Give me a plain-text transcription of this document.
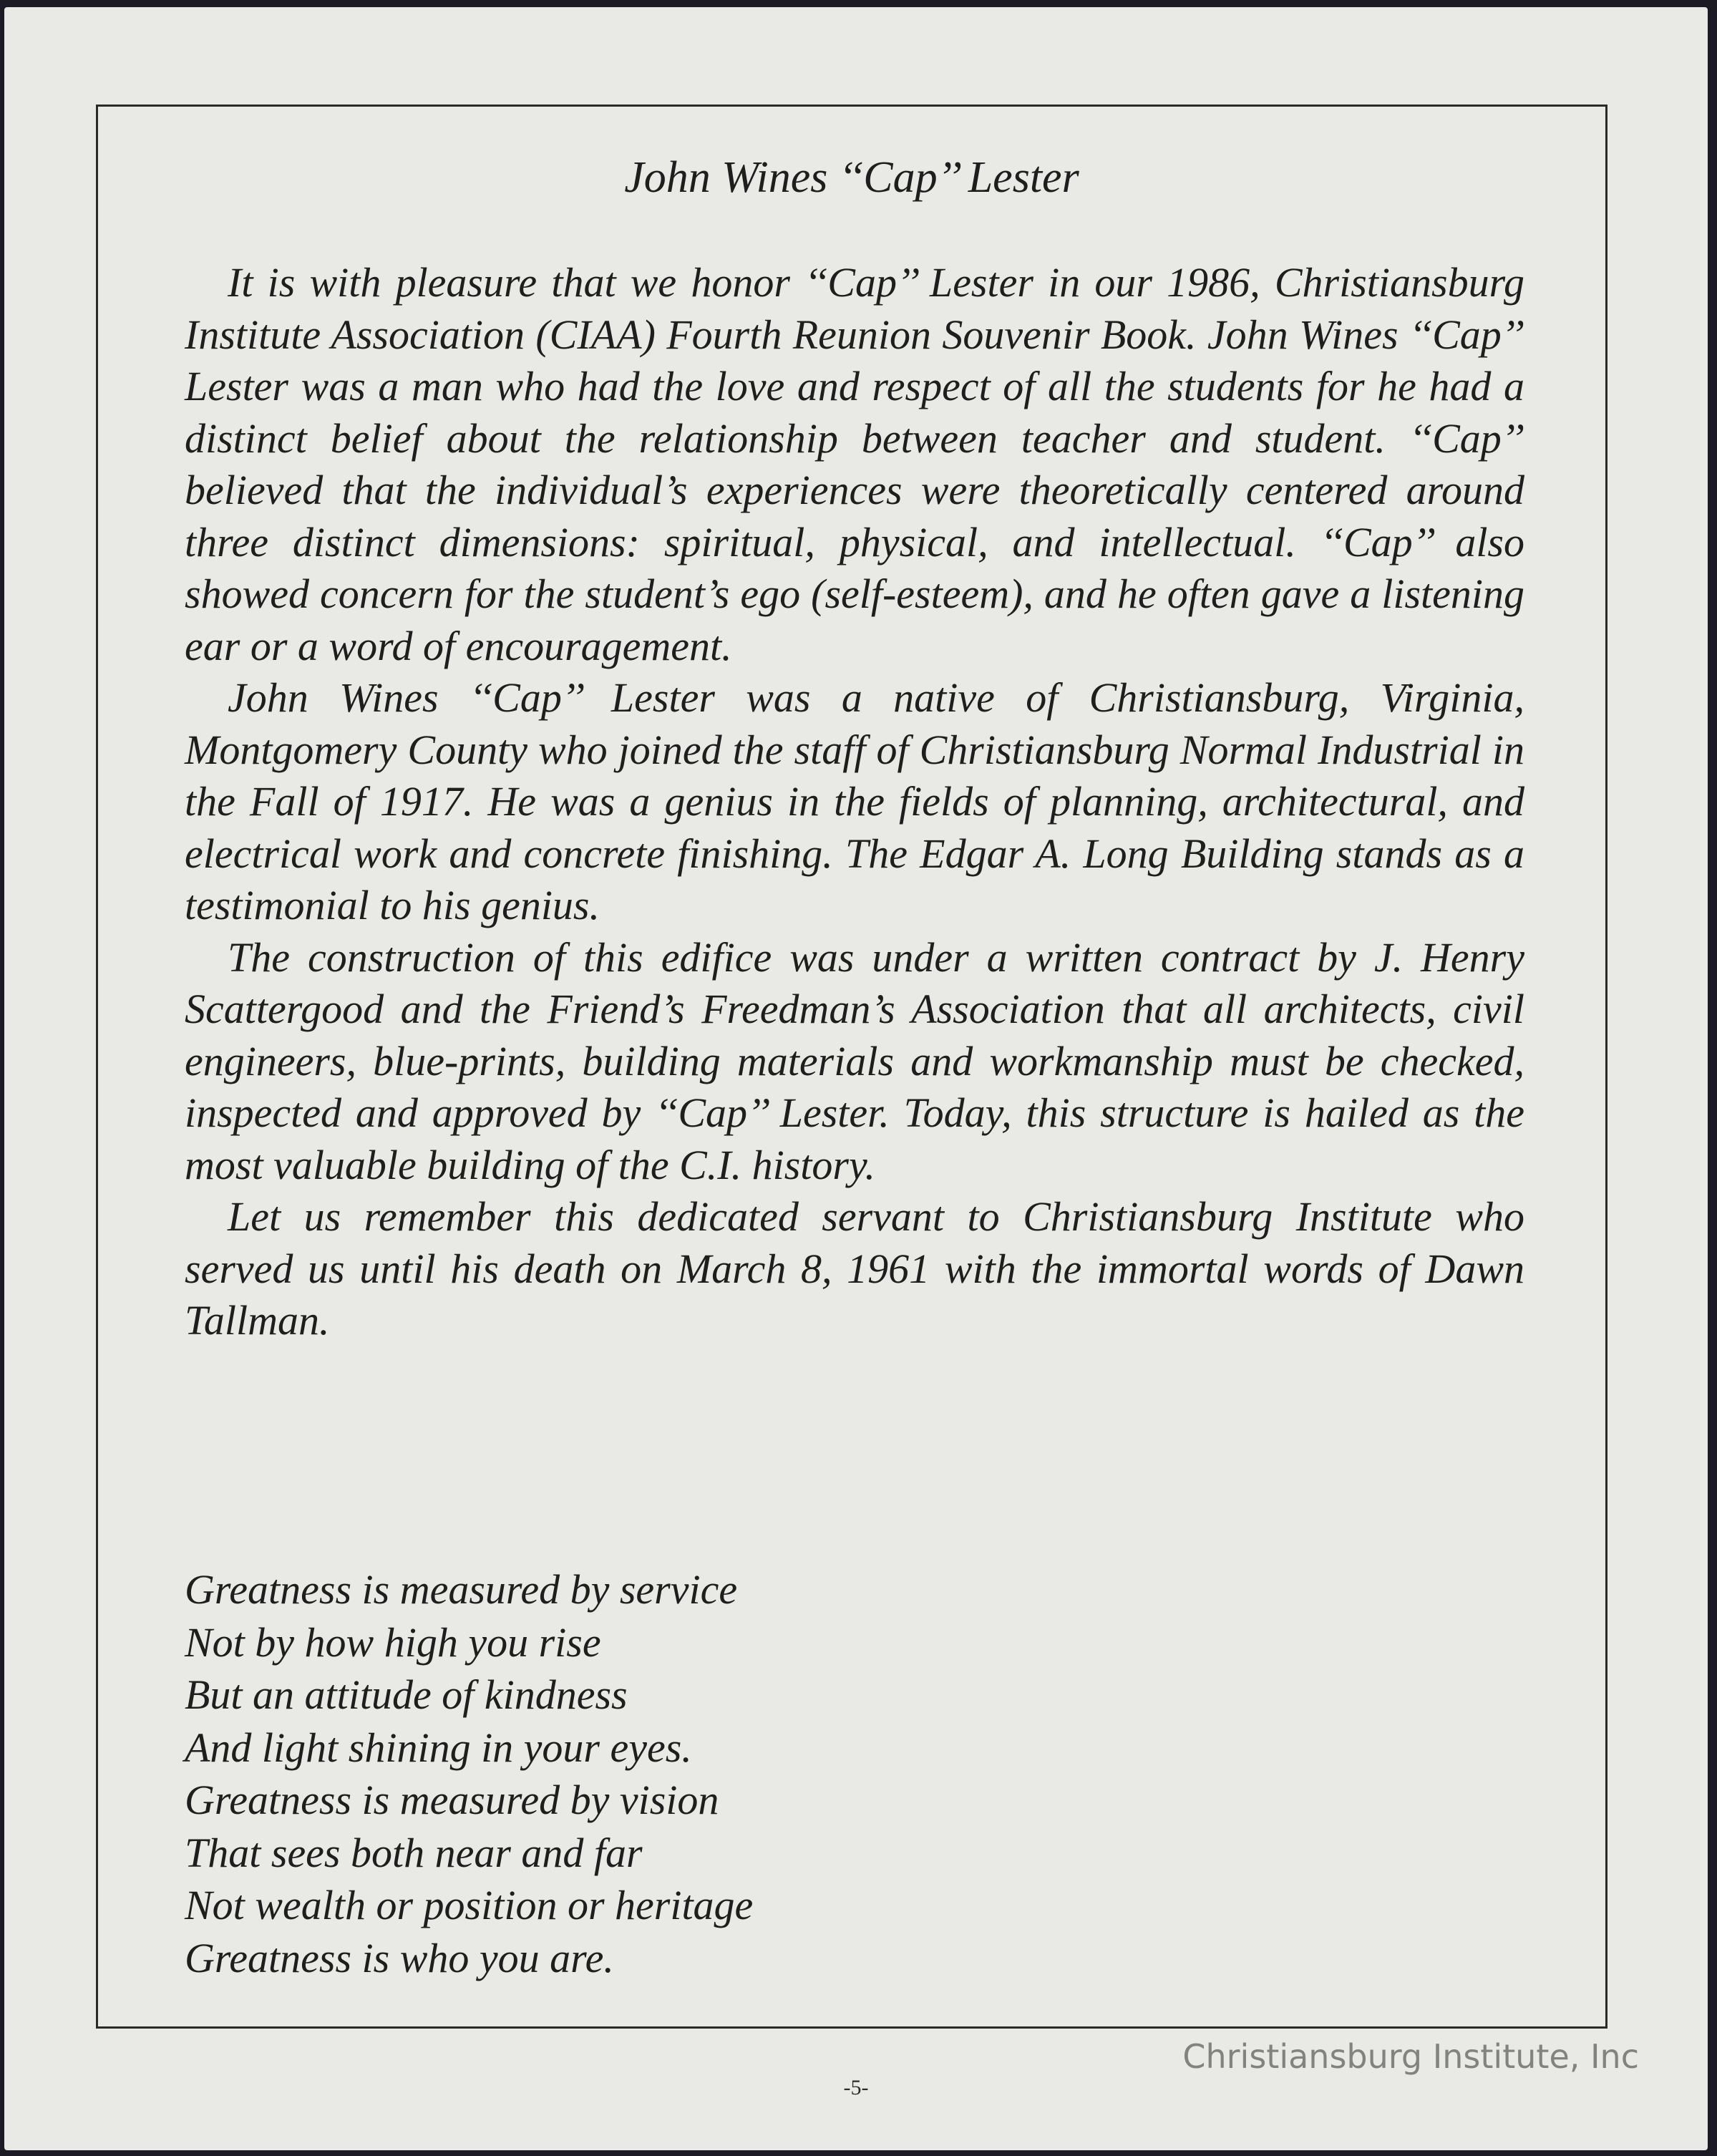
John Wines ‘‘Cap’’ Lester

It is with pleasure that we honor ‘‘Cap’’ Lester in our 1986, Christiansburg Institute Association (CIAA) Fourth Reunion Souvenir Book. John Wines ‘‘Cap’’ Lester was a man who had the love and respect of all the students for he had a distinct belief about the relationship between teacher and student. ‘‘Cap’’ believed that the individual’s experiences were theoretically centered around three distinct dimensions: spiritual, physical, and intellectual. ‘‘Cap’’ also showed concern for the student’s ego (self-esteem), and he often gave a listening ear or a word of encouragement.

John Wines ‘‘Cap’’ Lester was a native of Christiansburg, Virginia, Montgomery County who joined the staff of Christiansburg Normal Industrial in the Fall of 1917. He was a genius in the fields of planning, architectural, and electrical work and concrete finishing. The Edgar A. Long Building stands as a testimonial to his genius.

The construction of this edifice was under a written contract by J. Henry Scattergood and the Friend’s Freedman’s Association that all architects, civil engineers, blue-prints, building materials and workmanship must be checked, inspected and approved by ‘‘Cap’’ Lester. Today, this structure is hailed as the most valuable building of the C.I. history.

Let us remember this dedicated servant to Christiansburg Institute who served us until his death on March 8, 1961 with the immortal words of Dawn Tallman.

Greatness is measured by service
Not by how high you rise
But an attitude of kindness
And light shining in your eyes.
Greatness is measured by vision
That sees both near and far
Not wealth or position or heritage
Greatness is who you are.
Christiansburg Institute, Inc
-5-
